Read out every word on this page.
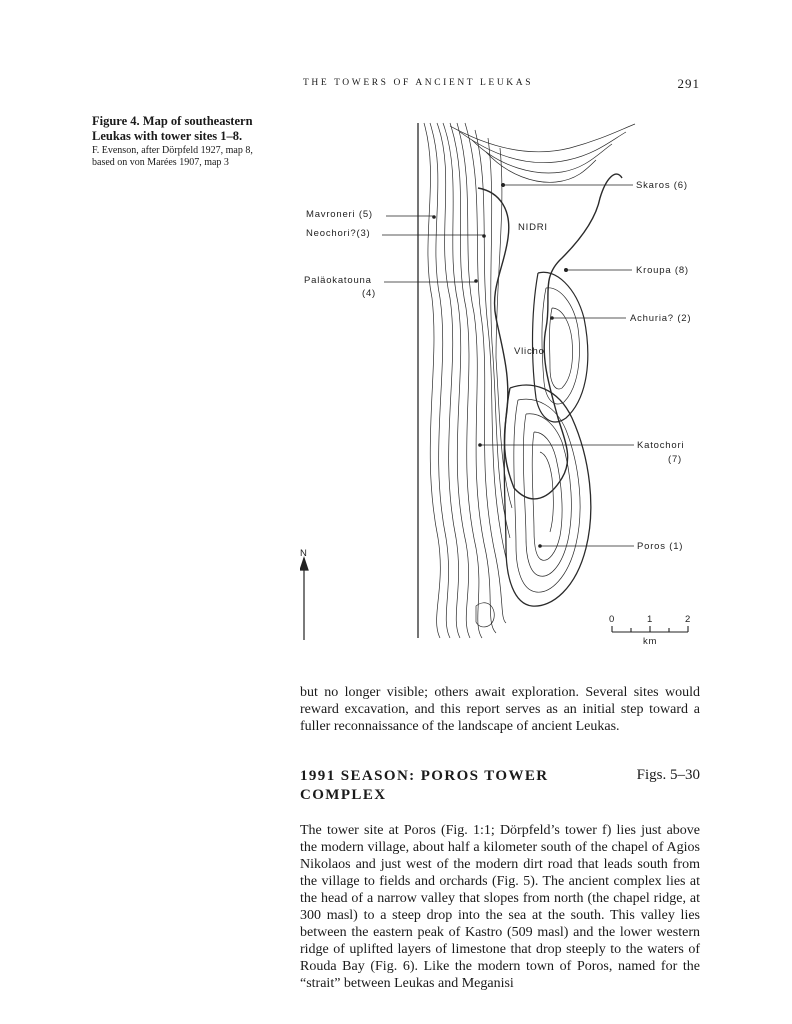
THE TOWERS OF ANCIENT LEUKAS	291
Figure 4. Map of southeastern Leukas with tower sites 1–8.
F. Evenson, after Dörpfeld 1927, map 8, based on von Marées 1907, map 3
Skaros (6)
Mavroneri (5)
Neochori?(3)
NIDRI
Paläokatouna
(4)
Kroupa (8)
Achuria? (2)
Vlicho
Katochori
(7)
Poros (1)
N
0	1	2
km

but no longer visible; others await exploration. Several sites would reward excavation, and this report serves as an initial step toward a fuller reconnaissance of the landscape of ancient Leukas.

1991 SEASON: POROS TOWER COMPLEX
Figs. 5–30

The tower site at Poros (Fig. 1:1; Dörpfeld’s tower f) lies just above the modern village, about half a kilometer south of the chapel of Agios Nikolaos and just west of the modern dirt road that leads south from the village to fields and orchards (Fig. 5). The ancient complex lies at the head of a narrow valley that slopes from north (the chapel ridge, at 300 masl) to a steep drop into the sea at the south. This valley lies between the eastern peak of Kastro (509 masl) and the lower western ridge of uplifted layers of limestone that drop steeply to the waters of Rouda Bay (Fig. 6). Like the modern town of Poros, named for the “strait” between Leukas and Meganisi
